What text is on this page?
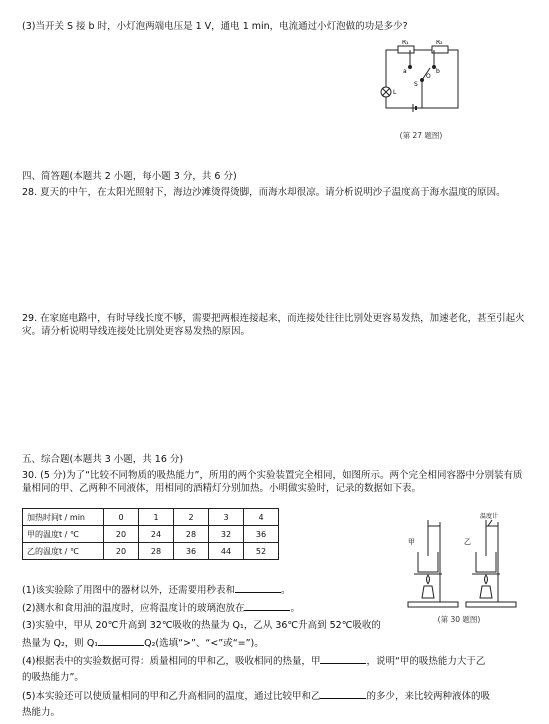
(3)当开关 S 接 b 时，小灯泡两端电压是 1 V，通电 1 min，电流通过小灯泡做的功是多少?
R₁	R₂
a	b
O
S
L
(第 27 题图)
四、简答题(本题共 2 小题，每小题 3 分，共 6 分)
28. 夏天的中午，在太阳光照射下，海边沙滩烫得烫脚，而海水却很凉。请分析说明沙子温度高于海水温度的原因。
29. 在家庭电路中，有时导线长度不够，需要把两根连接起来，而连接处往往比别处更容易发热，加速老化，甚至引起火灾。请分析说明导线连接处比别处更容易发热的原因。
五、综合题(本题共 3 小题，共 16 分)
30. (5 分)为了“比较不同物质的吸热能力”，所用的两个实验装置完全相同，如图所示。两个完全相同容器中分别装有质量相同的甲、乙两种不同液体，用相同的酒精灯分别加热。小明做实验时，记录的数据如下表。
加热时间t / min	0	1	2	3	4
甲的温度t / ℃	20	24	28	32	36
乙的温度t / ℃	20	28	36	44	52
温度计
甲	乙
(第 30 题图)
(1)该实验除了用图中的器材以外，还需要用秒表和	。
(2)测水和食用油的温度时，应将温度计的玻璃泡放在	。
(3)实验中，甲从 20℃升高到 32℃吸收的热量为 Q₁，乙从 36℃升高到 52℃吸收的
热量为 Q₂，则 Q₁	Q₂(选填“>”、“<”或“=”)。
(4)根据表中的实验数据可得：质量相同的甲和乙，吸收相同的热量，甲	，说明“甲的吸热能力大于乙
的吸热能力”。
(5)本实验还可以使质量相同的甲和乙升高相同的温度，通过比较甲和乙	的多少，来比较两种液体的吸
热能力。
